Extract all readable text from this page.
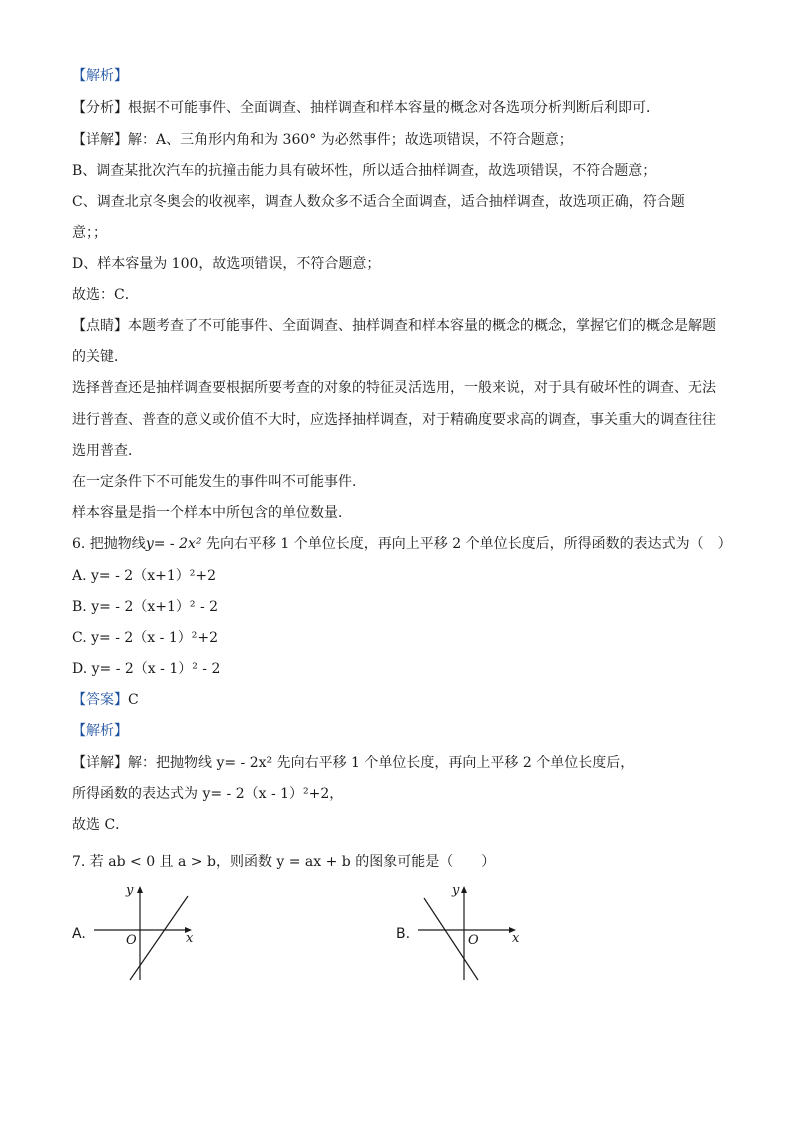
【解析】
【分析】根据不可能事件、全面调查、抽样调查和样本容量的概念对各选项分析判断后利即可．
【详解】解：A、三角形内角和为 360° 为必然事件；故选项错误，不符合题意；
B、调查某批次汽车的抗撞击能力具有破坏性，所以适合抽样调查，故选项错误，不符合题意；
C、调查北京冬奥会的收视率，调查人数众多不适合全面调查，适合抽样调查，故选项正确，符合题
意；；
D、样本容量为 100，故选项错误，不符合题意；
故选：C．
【点睛】本题考查了不可能事件、全面调查、抽样调查和样本容量的概念的概念，掌握它们的概念是解题
的关键．
选择普查还是抽样调查要根据所要考查的对象的特征灵活选用，一般来说，对于具有破坏性的调查、无法
进行普查、普查的意义或价值不大时，应选择抽样调查，对于精确度要求高的调查，事关重大的调查往往
选用普查．
在一定条件下不可能发生的事件叫不可能事件．
样本容量是指一个样本中所包含的单位数量．
6. 把抛物线y= - 2x² 先向右平移 1 个单位长度，再向上平移 2 个单位长度后，所得函数的表达式为（　）
A. y= - 2（x+1）²+2
B. y= - 2（x+1）² - 2
C. y= - 2（x - 1）²+2
D. y= - 2（x - 1）² - 2
【答案】C
【解析】
【详解】解：把抛物线 y= - 2x² 先向右平移 1 个单位长度，再向上平移 2 个单位长度后，
所得函数的表达式为 y= - 2（x - 1）²+2，
故选 C．
7. 若 ab < 0 且 a > b，则函数 y = ax + b 的图象可能是（　　）
A.
y
x
O	B.
y
x
O
